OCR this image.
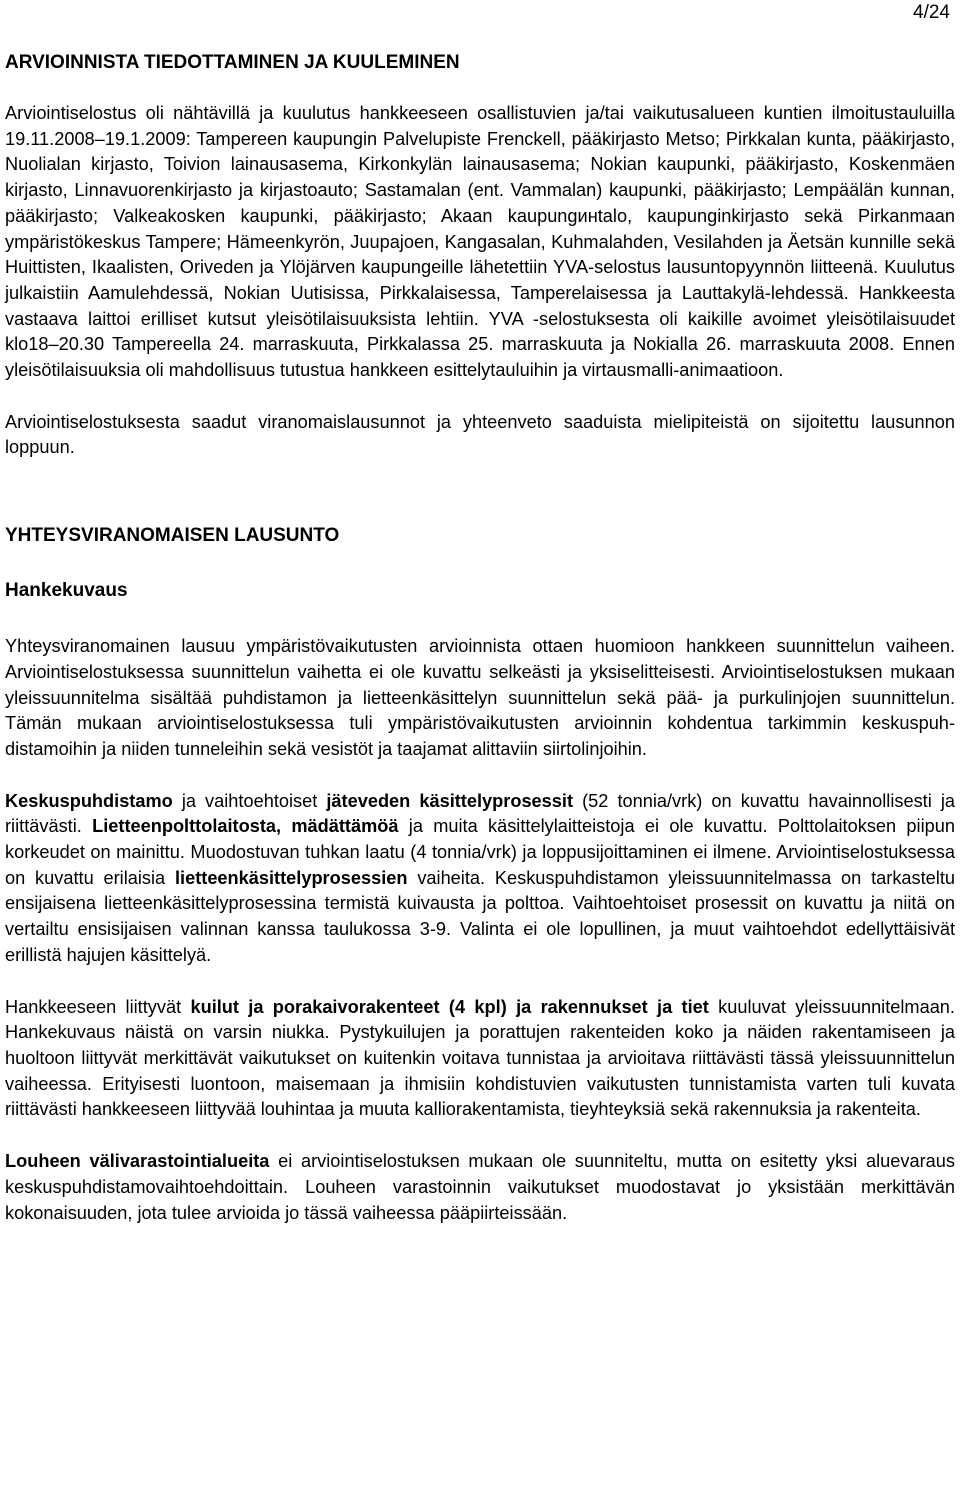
4/24
ARVIOINNISTA TIEDOTTAMINEN JA KUULEMINEN

Arviointiselostus oli nähtävillä ja kuulutus hankkeeseen osallistuvien ja/tai vaikutusalueen kuntien ilmoitustauluilla 19.11.2008–19.1.2009: Tampereen kaupungin Palvelupiste Frenckell, pääkirjasto Metso; Pirkkalan kunta, pääkirjasto, Nuolialan kirjasto, Toivion lainausasema, Kirkonkylän lainausasema; Nokian kaupunki, pääkirjasto, Koskenmäen kirjasto, Linnavuorenkirjasto ja kirjastoauto; Sastamalan (ent. Vammalan) kaupunki, pääkirjasto; Lempäälän kunnan, pääkirjasto; Valkeakosken kaupunki, pääkirjasto; Akaan kaupungинtalo, kaupunginkirjasto sekä Pirkanmaan ympäristökeskus Tampere; Hämeenkyrön, Juupajoen, Kangasalan, Kuhmalahden, Vesilahden ja Äetsän kunnille sekä Huittisten, Ikaalisten, Oriveden ja Ylöjärven kaupungeille lähetettiin YVA-selostus lausuntopyynnön liitteenä. Kuulutus julkaistiin Aamulehdessä, Nokian Uutisissa, Pirkkalaisessa, Tamperelaisessa ja Lauttakylä-lehdessä. Hankkeesta vastaava laittoi erilliset kutsut yleisötilaisuuksista lehtiin. YVA -selostuksesta oli kaikille avoimet yleisötilaisuudet klo18–20.30 Tampereella 24. marraskuuta, Pirkkalassa 25. marraskuuta ja Nokialla 26. marraskuuta 2008. Ennen yleisötilaisuuksia oli mahdollisuus tutustua hankkeen esittelytauluihin ja virtausmalli-animaatioon.

Arviointiselostuksesta saadut viranomaislausunnot ja yhteenveto saaduista mielipiteistä on sijoitettu lausunnon loppuun.

YHTEYSVIRANOMAISEN LAUSUNTO
Hankekuvaus

Yhteysviranomainen lausuu ympäristövaikutusten arvioinnista ottaen huomioon hankkeen suunnittelun vaiheen. Arviointiselostuksessa suunnittelun vaihetta ei ole kuvattu selkeästi ja yksiselitteisesti. Arviointiselostuksen mukaan yleissuunnitelma sisältää puhdistamon ja lietteenkäsittelyn suunnittelun sekä pää- ja purkulinjojen suunnittelun. Tämän mukaan arviointiselostuksessa tuli ympäristövaikutusten arvioinnin kohdentua tarkimmin keskuspuhdistamoihin ja niiden tunneleihin sekä vesistöt ja taajamat alittaviin siirtolinjoihin.

Keskuspuhdistamo ja vaihtoehtoiset jäteveden käsittelyprosessit (52 tonnia/vrk) on kuvattu havainnollisesti ja riittävästi. Lietteenpolttolaitosta, mädättämöä ja muita käsittelylaitteistoja ei ole kuvattu. Polttolaitoksen piipun korkeudet on mainittu. Muodostuvan tuhkan laatu (4 tonnia/vrk) ja loppusijoittaminen ei ilmene. Arviointiselostuksessa on kuvattu erilaisia lietteenkäsittelyprosessien vaiheita. Keskuspuhdistamon yleissuunnitelmassa on tarkasteltu ensijaisena lietteenkäsittelyprosessina termistä kuivausta ja polttoa. Vaihtoehtoiset prosessit on kuvattu ja niitä on vertailtu ensisijaisen valinnan kanssa taulukossa 3-9. Valinta ei ole lopullinen, ja muut vaihtoehdot edellyttäisivät erillistä hajujen käsittelyä.

Hankkeeseen liittyvät kuilut ja porakaivorakenteet (4 kpl) ja rakennukset ja tiet kuuluvat yleissuunnitelmaan. Hankekuvaus näistä on varsin niukka. Pystykuilujen ja porattujen rakenteiden koko ja näiden rakentamiseen ja huoltoon liittyvät merkittävät vaikutukset on kuitenkin voitava tunnistaa ja arvioitava riittävästi tässä yleissuunnittelun vaiheessa. Erityisesti luontoon, maisemaan ja ihmisiin kohdistuvien vaikutusten tunnistamista varten tuli kuvata riittävästi hankkeeseen liittyvää louhintaa ja muuta kalliorakentamista, tieyhteyksiä sekä rakennuksia ja rakenteita.

Louheen välivarastointialueita ei arviointiselostuksen mukaan ole suunniteltu, mutta on esitetty yksi aluevaraus keskuspuhdistamovaihtoehdoittain. Louheen varastoinnin vaikutukset muodostavat jo yksistään merkittävän kokonaisuuden, jota tulee arvioida jo tässä vaiheessa pääpiirteissään.
